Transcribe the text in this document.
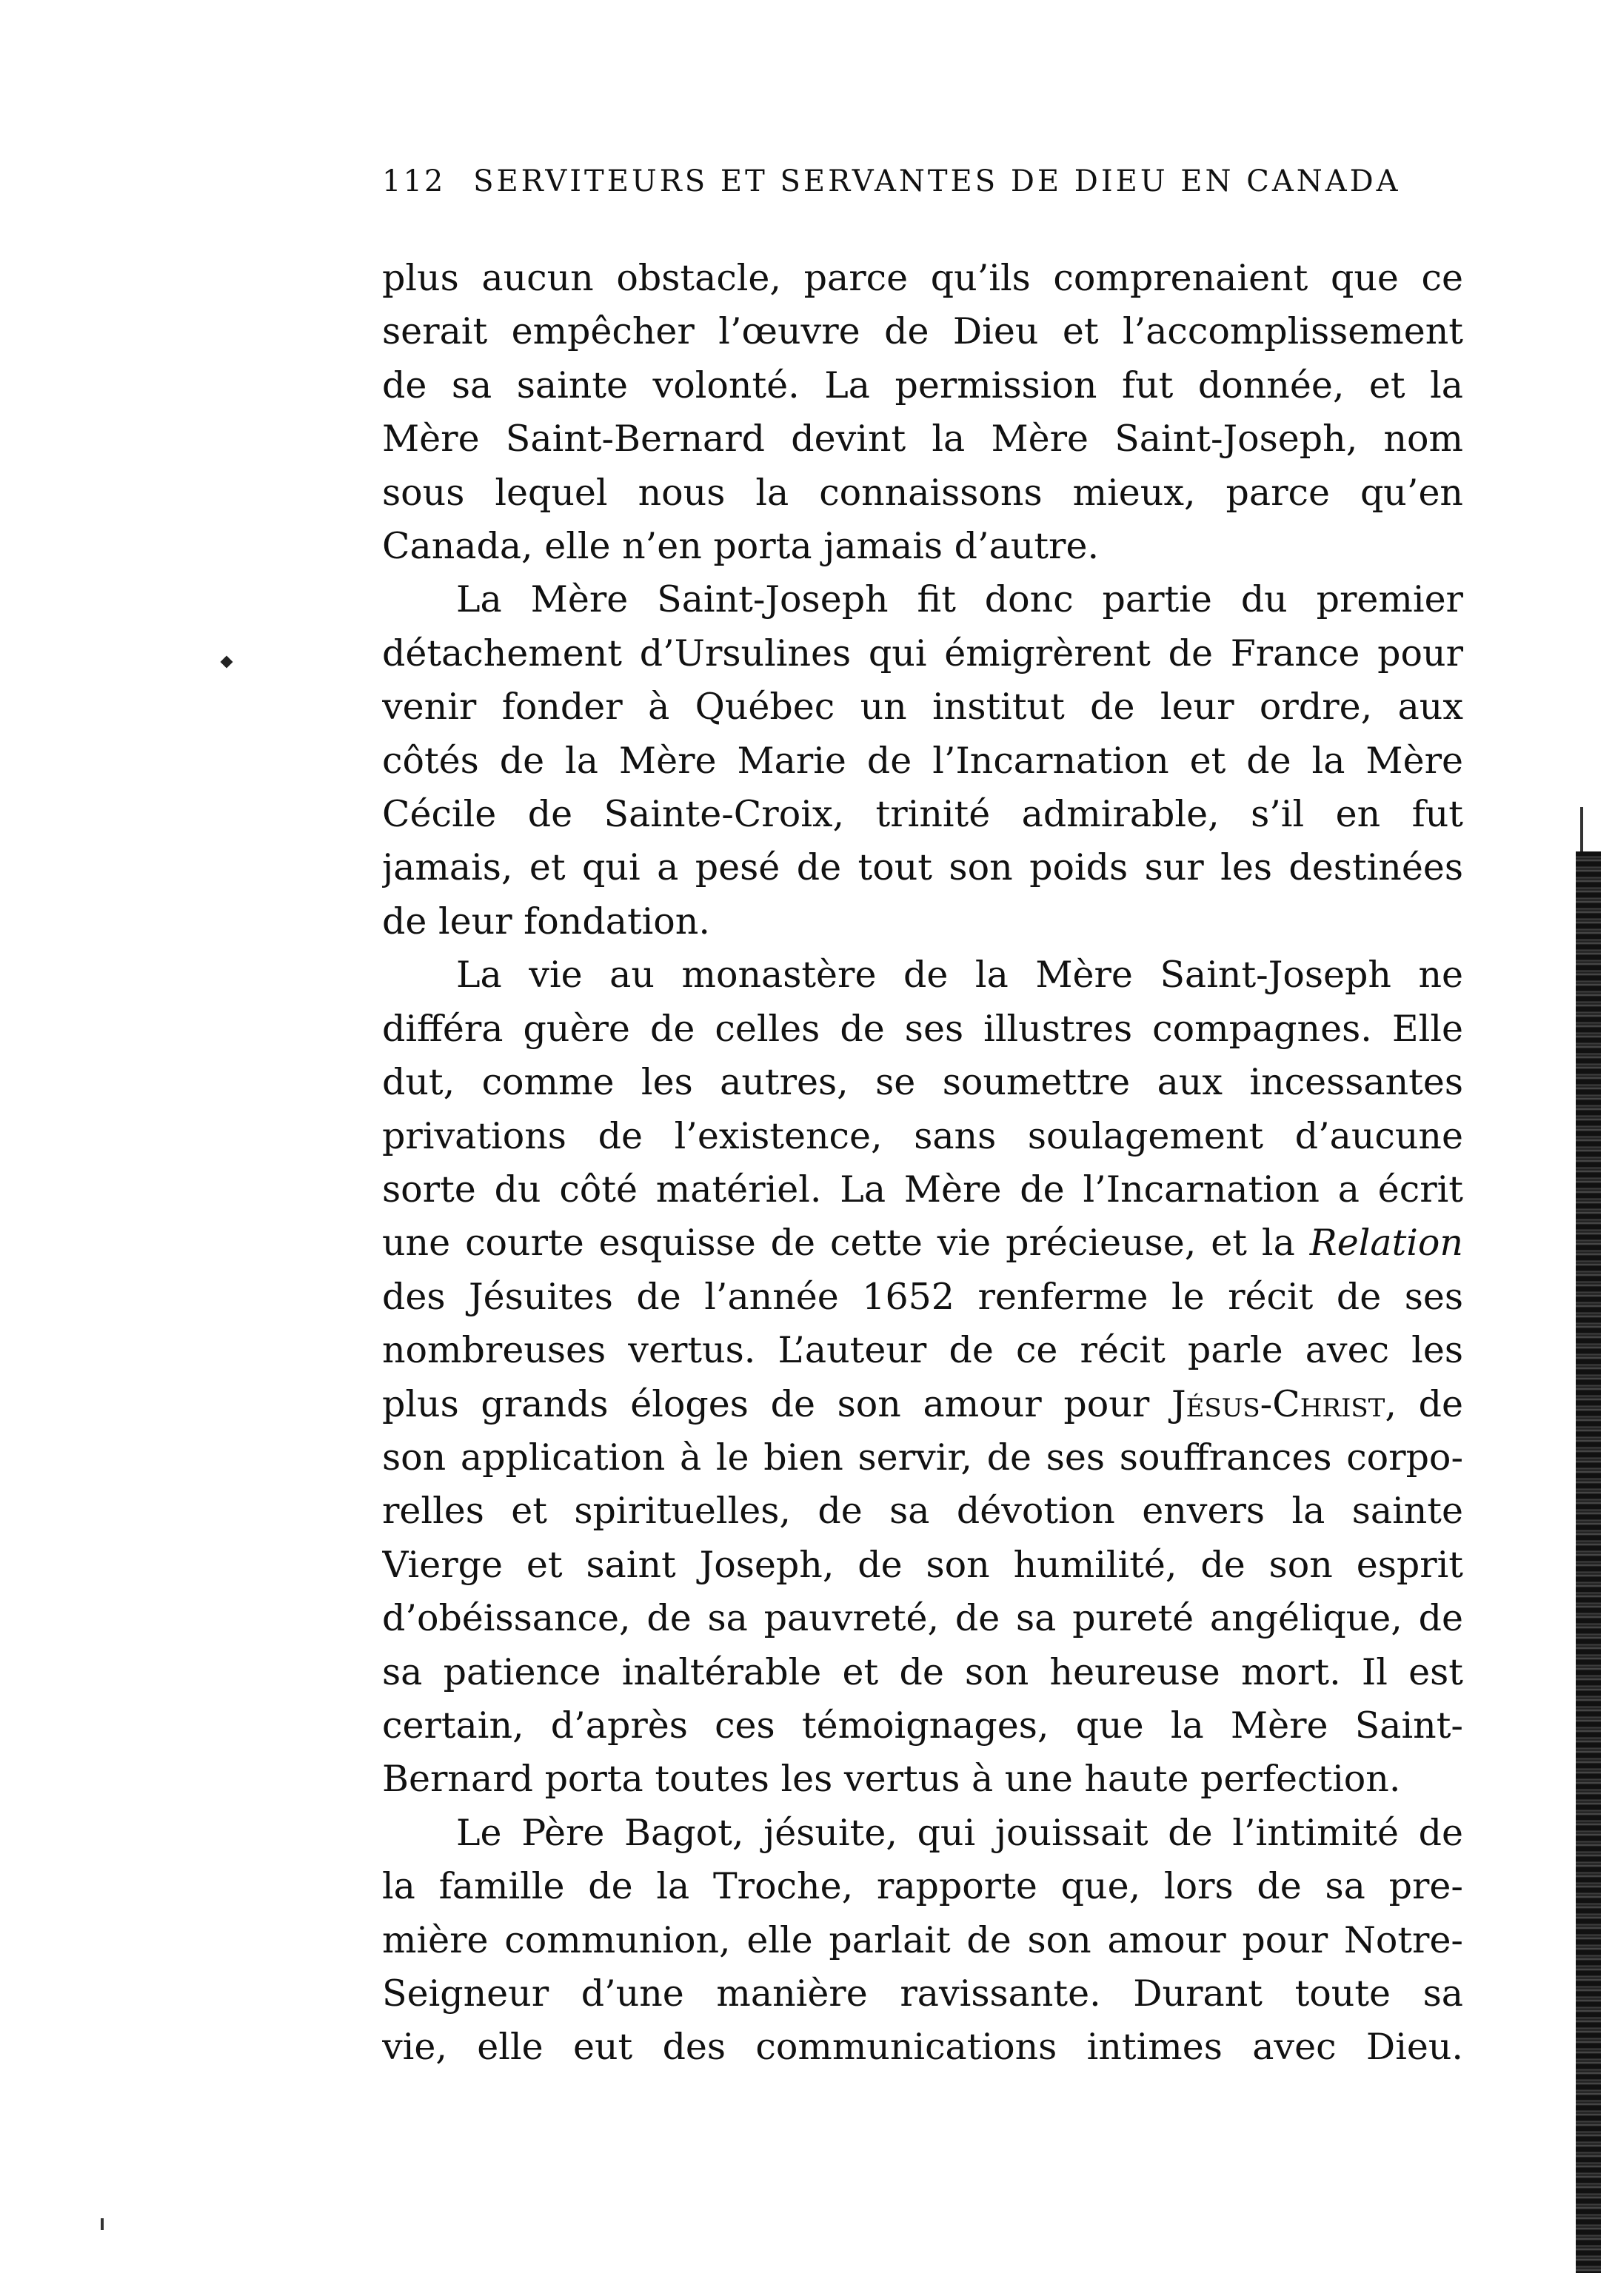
112 SERVITEURS ET SERVANTES DE DIEU EN CANADA

plus aucun obstacle, parce qu’ils comprenaient que ce
serait empêcher l’œuvre de Dieu et l’accomplissement
de sa sainte volonté. La permission fut donnée, et la
Mère Saint-Bernard devint la Mère Saint-Joseph, nom
sous lequel nous la connaissons mieux, parce qu’en
Canada, elle n’en porta jamais d’autre.

La Mère Saint-Joseph fit donc partie du premier
détachement d’Ursulines qui émigrèrent de France pour
venir fonder à Québec un institut de leur ordre, aux
côtés de la Mère Marie de l’Incarnation et de la Mère
Cécile de Sainte-Croix, trinité admirable, s’il en fut
jamais, et qui a pesé de tout son poids sur les destinées
de leur fondation.

La vie au monastère de la Mère Saint-Joseph ne
différa guère de celles de ses illustres compagnes. Elle
dut, comme les autres, se soumettre aux incessantes
privations de l’existence, sans soulagement d’aucune
sorte du côté matériel. La Mère de l’Incarnation a écrit
une courte esquisse de cette vie précieuse, et la Relation
des Jésuites de l’année 1652 renferme le récit de ses
nombreuses vertus. L’auteur de ce récit parle avec les
plus grands éloges de son amour pour Jésus-Christ, de
son application à le bien servir, de ses souffrances corpo-
relles et spirituelles, de sa dévotion envers la sainte
Vierge et saint Joseph, de son humilité, de son esprit
d’obéissance, de sa pauvreté, de sa pureté angélique, de
sa patience inaltérable et de son heureuse mort. Il est
certain, d’après ces témoignages, que la Mère Saint-
Bernard porta toutes les vertus à une haute perfection.

Le Père Bagot, jésuite, qui jouissait de l’intimité de
la famille de la Troche, rapporte que, lors de sa pre-
mière communion, elle parlait de son amour pour Notre-
Seigneur d’une manière ravissante. Durant toute sa
vie, elle eut des communications intimes avec Dieu.
